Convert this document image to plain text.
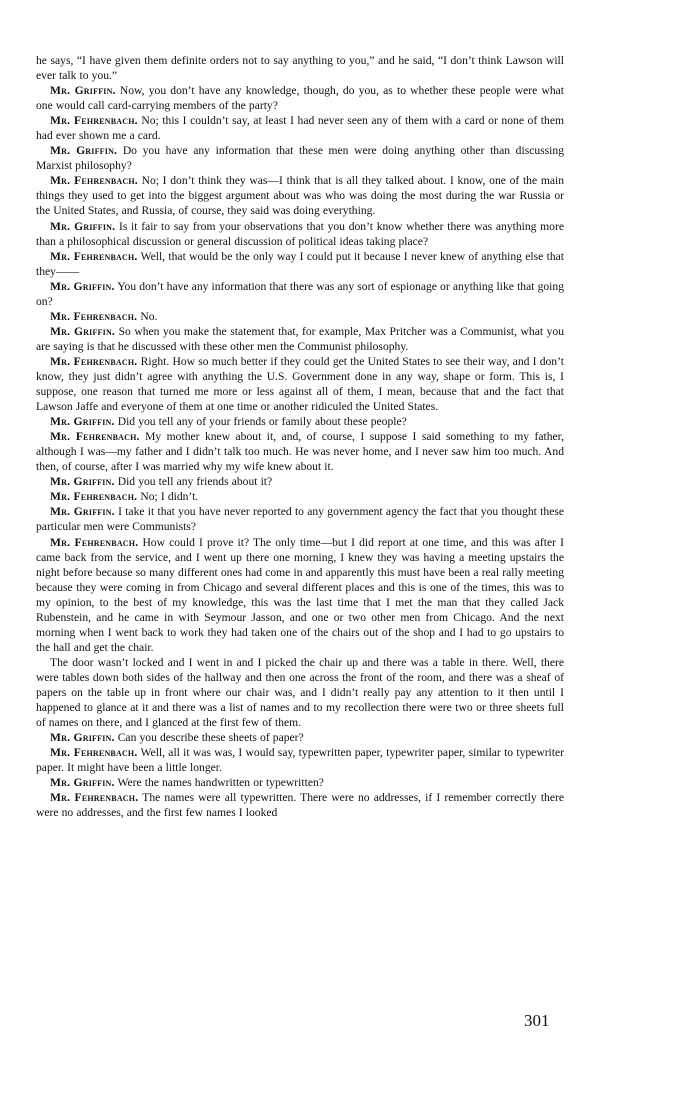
he says, “I have given them definite orders not to say anything to you,” and he said, “I don’t think Lawson will ever talk to you.”

Mr. Griffin. Now, you don’t have any knowledge, though, do you, as to whether these people were what one would call card-carrying members of the party?

Mr. Fehrenbach. No; this I couldn’t say, at least I had never seen any of them with a card or none of them had ever shown me a card.

Mr. Griffin. Do you have any information that these men were doing anything other than discussing Marxist philosophy?

Mr. Fehrenbach. No; I don’t think they was—I think that is all they talked about. I know, one of the main things they used to get into the biggest argument about was who was doing the most during the war Russia or the United States, and Russia, of course, they said was doing everything.

Mr. Griffin. Is it fair to say from your observations that you don’t know whether there was anything more than a philosophical discussion or general discussion of political ideas taking place?

Mr. Fehrenbach. Well, that would be the only way I could put it because I never knew of anything else that they——

Mr. Griffin. You don’t have any information that there was any sort of espionage or anything like that going on?

Mr. Fehrenbach. No.

Mr. Griffin. So when you make the statement that, for example, Max Pritcher was a Communist, what you are saying is that he discussed with these other men the Communist philosophy.

Mr. Fehrenbach. Right. How so much better if they could get the United States to see their way, and I don’t know, they just didn’t agree with anything the U.S. Government done in any way, shape or form. This is, I suppose, one reason that turned me more or less against all of them, I mean, because that and the fact that Lawson Jaffe and everyone of them at one time or another ridiculed the United States.

Mr. Griffin. Did you tell any of your friends or family about these people?

Mr. Fehrenbach. My mother knew about it, and, of course, I suppose I said something to my father, although I was—my father and I didn’t talk too much. He was never home, and I never saw him too much. And then, of course, after I was married why my wife knew about it.

Mr. Griffin. Did you tell any friends about it?

Mr. Fehrenbach. No; I didn’t.

Mr. Griffin. I take it that you have never reported to any government agency the fact that you thought these particular men were Communists?

Mr. Fehrenbach. How could I prove it? The only time—but I did report at one time, and this was after I came back from the service, and I went up there one morning, I knew they was having a meeting upstairs the night before because so many different ones had come in and apparently this must have been a real rally meeting because they were coming in from Chicago and several different places and this is one of the times, this was to my opinion, to the best of my knowledge, this was the last time that I met the man that they called Jack Rubenstein, and he came in with Seymour Jasson, and one or two other men from Chicago. And the next morning when I went back to work they had taken one of the chairs out of the shop and I had to go upstairs to the hall and get the chair.

The door wasn’t locked and I went in and I picked the chair up and there was a table in there. Well, there were tables down both sides of the hallway and then one across the front of the room, and there was a sheaf of papers on the table up in front where our chair was, and I didn’t really pay any attention to it then until I happened to glance at it and there was a list of names and to my recollection there were two or three sheets full of names on there, and I glanced at the first few of them.

Mr. Griffin. Can you describe these sheets of paper?

Mr. Fehrenbach. Well, all it was was, I would say, typewritten paper, typewriter paper, similar to typewriter paper. It might have been a little longer.

Mr. Griffin. Were the names handwritten or typewritten?

Mr. Fehrenbach. The names were all typewritten. There were no addresses, if I remember correctly there were no addresses, and the first few names I looked

301
